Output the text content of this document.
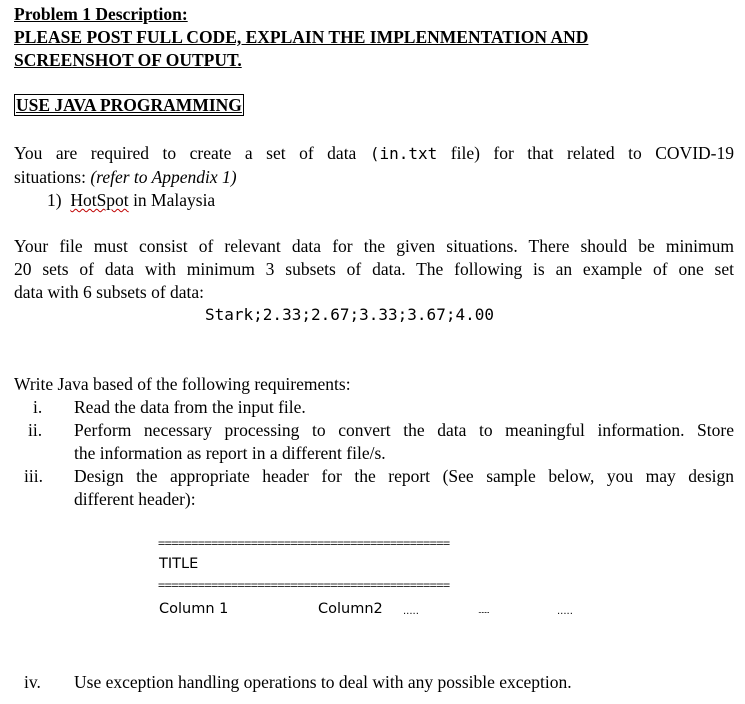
Problem 1 Description:
PLEASE POST FULL CODE, EXPLAIN THE IMPLENMENTATION AND
SCREENSHOT OF OUTPUT.
USE JAVA PROGRAMMING
You are required to create a set of data (in.txt file) for that related to COVID-19
situations: (refer to Appendix 1)
1) HotSpot in Malaysia
Your file must consist of relevant data for the given situations. There should be minimum
20 sets of data with minimum 3 subsets of data. The following is an example of one set
data with 6 subsets of data:
Stark;2.33;2.67;3.33;3.67;4.00
Write Java based of the following requirements:
i. Read the data from the input file.
ii. Perform necessary processing to convert the data to meaningful information. Store
the information as report in a different file/s.
iii. Design the appropriate header for the report (See sample below, you may design
different header):
============================================
TITLE
============================================
Column 1	Column2 .....	.......	.....
iv. Use exception handling operations to deal with any possible exception.
